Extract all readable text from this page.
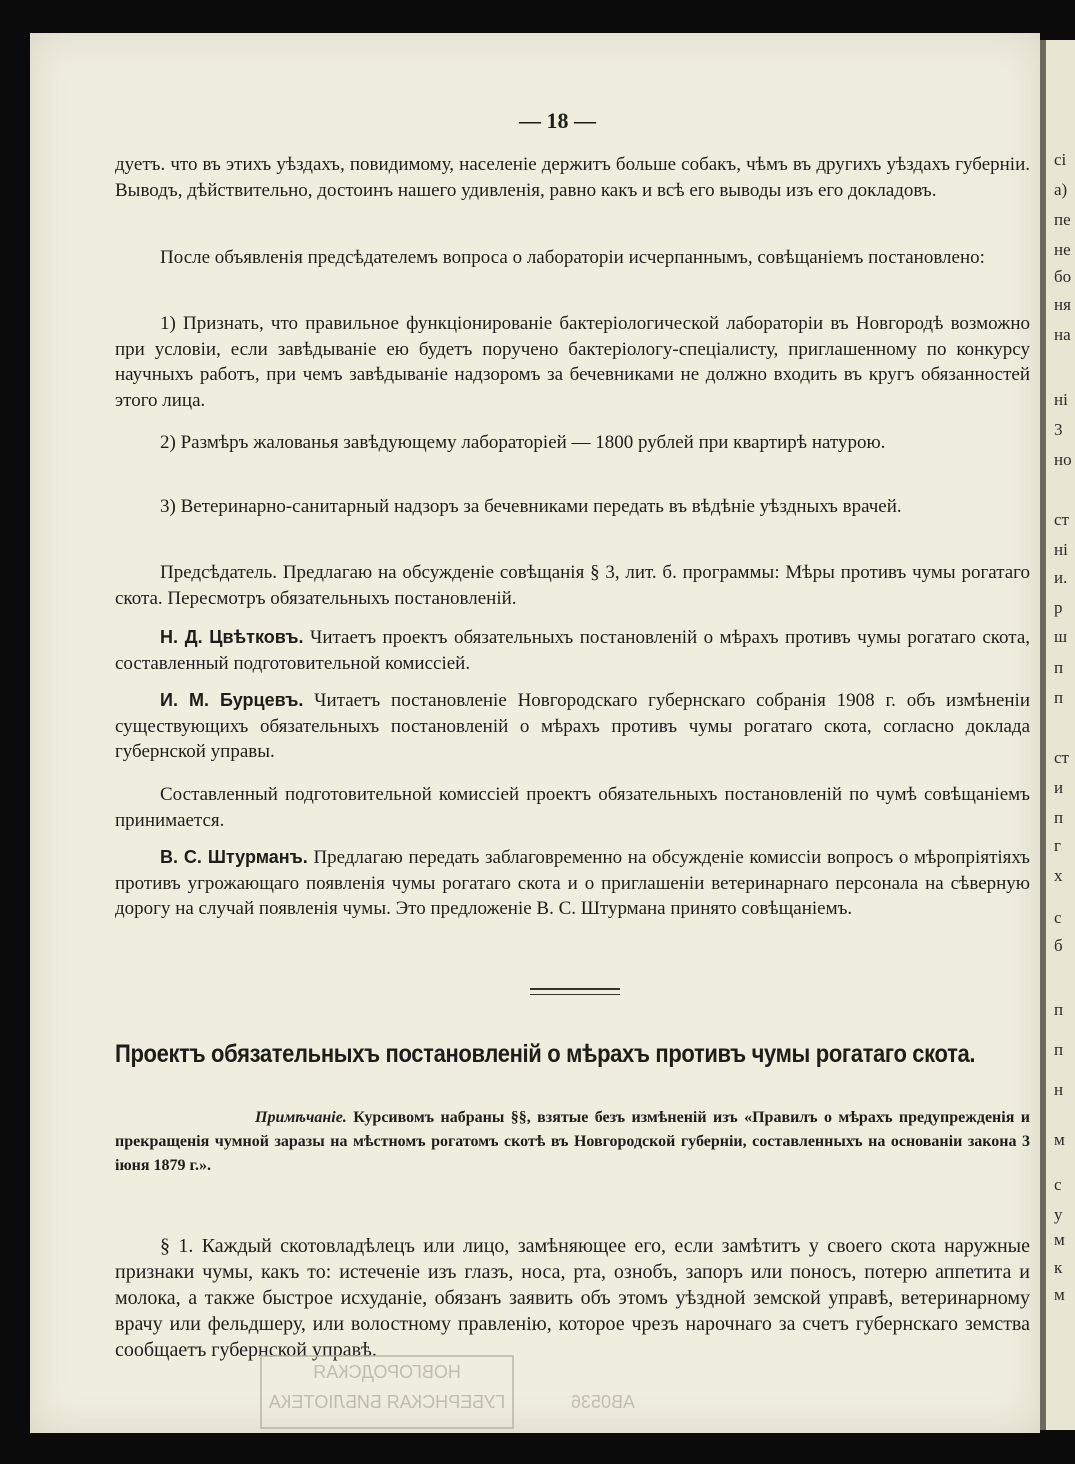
сі
а)
пе
не
бо
ня
на
ні
3
но
ст
ні
и.
р
ш
п
п
ст
и
п
г
х
с
б
п
п
н
м
с
у
м
к
м
— 18 —

дуетъ. что въ этихъ уѣздахъ, повидимому, населеніе держитъ больше собакъ, чѣмъ въ другихъ уѣздахъ губерніи. Выводъ, дѣйствительно, достоинъ нашего удивленія, равно какъ и всѣ его выводы изъ его докладовъ.

После объявленія предсѣдателемъ вопроса о лабораторіи исчерпаннымъ, совѣщаніемъ постановлено:

1) Признать, что правильное функціонированіе бактеріологической лабораторіи въ Новгородѣ возможно при условіи, если завѣдываніе ею будетъ поручено бактеріологу-спеціалисту, приглашенному по конкурсу научныхъ работъ, при чемъ завѣдываніе надзоромъ за бечевниками не должно входить въ кругъ обязанностей этого лица.

2) Размѣръ жалованья завѣдующему лабораторіей — 1800 рублей при квартирѣ натурою.

3) Ветеринарно-санитарный надзоръ за бечевниками передать въ вѣдѣніе уѣздныхъ врачей.

Предсѣдатель. Предлагаю на обсужденіе совѣщанія § 3, лит. б. программы: Мѣры противъ чумы рогатаго скота. Пересмотръ обязательныхъ постановленій.

Н. Д. Цвѣтковъ. Читаетъ проектъ обязательныхъ постановленій о мѣрахъ противъ чумы рогатаго скота, составленный подготовительной комиссіей.

И. М. Бурцевъ. Читаетъ постановленіе Новгородскаго губернскаго собранія 1908 г. объ измѣненіи существующихъ обязательныхъ постановленій о мѣрахъ противъ чумы рогатаго скота, согласно доклада губернской управы.

Составленный подготовительной комиссіей проектъ обязательныхъ постановленій по чумѣ совѣщаніемъ принимается.

В. С. Штурманъ. Предлагаю передать заблаговременно на обсужденіе комиссіи вопросъ о мѣропріятіяхъ противъ угрожающаго появленія чумы рогатаго скота и о приглашеніи ветеринарнаго персонала на сѣверную дорогу на случай появленія чумы. Это предложеніе В. С. Штурмана принято совѣщаніемъ.

Проектъ обязательныхъ постановленій о мѣрахъ противъ чумы рогатаго скота.

Примѣчаніе. Курсивомъ набраны §§, взятые безъ измѣненій изъ «Правилъ о мѣрахъ предупрежденія и прекращенія чумной заразы на мѣстномъ рогатомъ скотѣ въ Новгородской губерніи, составленныхъ на основаніи закона 3 іюня 1879 г.».

§ 1. Каждый скотовладѣлецъ или лицо, замѣняющее его, если замѣтитъ у своего скота наружные признаки чумы, какъ то: истеченіе изъ глазъ, носа, рта, ознобъ, запоръ или поносъ, потерю аппетита и молока, а также быстрое исхуданіе, обязанъ заявить объ этомъ уѣздной земской управѣ, ветеринарному врачу или фельдшеру, или волостному правленію, которое чрезъ нарочнаго за счетъ губернскаго земства сообщаетъ губернской управѣ.

НОВГОРОДСКАЯ ГУБЕРНСКАЯ БИБЛІОТЕКА	АВ0536
